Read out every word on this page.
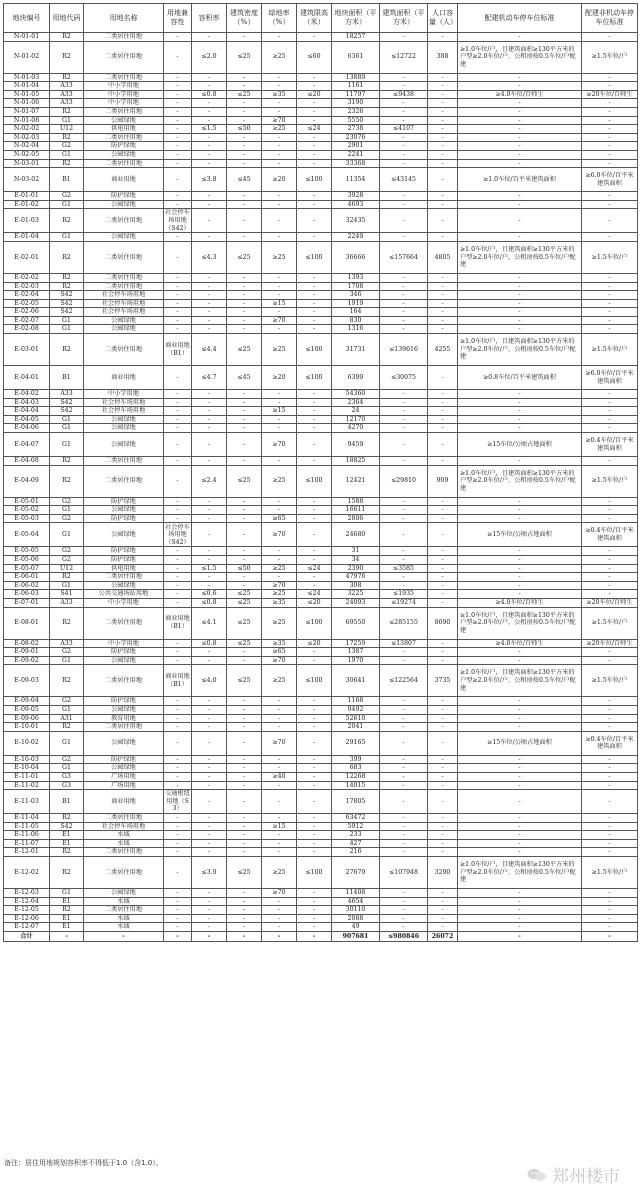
地块编号	用地代码	用地名称	用地兼容性	容积率	建筑密度（%）	绿地率（%）	建筑限高（米）	地块面积（平方米）	建筑面积（平方米）	人口容量（人）	配建机动车停车位标准	配建非机动车停车位标准
N-01-01	R2	二类居住用地	-	-	-	-	-	18257	-	-	-	-
N-01-02	R2	二类居住用地	-	≤2.0	≤25	≥25	≤60	6361	≤12722	388	≥1.0车位/户，且建筑面积≥130平方米的户型≥2.0车位/户，公租房按0.5车位/户配建	≥1.5车位/户
N-01-03	R2	二类居住用地	-	-	-	-	-	13889	-	-	-	-
N-01-04	A33	中小学用地	-	-	-	-	-	1161	-	-	-	-
N-01-05	A33	中小学用地	-	≤0.8	≤25	≥35	≤20	11797	≤9438	-	≥4.0车位/百师生	≥20车位/百师生
N-01-06	A33	中小学用地	-	-	-	-	-	3190	-	-	-	-
N-01-07	R2	二类居住用地	-	-	-	-	-	2326	-	-	-	-
N-01-08	G1	公园绿地	-	-	-	≥70	-	5550	-	-	-	-
N-02-02	U12	供电用地	-	≤1.5	≤50	≥25	≤24	2738	≤4107	-	-	-
N-02-03	R2	二类居住用地	-	-	-	-	-	23076	-	-	-	-
N-02-04	G2	防护绿地	-	-	-	-	-	2901	-	-	-	-
N-02-05	G1	公园绿地	-	-	-	-	-	2241	-	-	-	-
N-03-01	R2	二类居住用地	-	-	-	-	-	33368	-	-	-	-
N-03-02	B1	商业用地	-	≤3.8	≤45	≥20	≤100	11354	≤43145	-	≥1.0车位/百平米建筑面积	≥6.0车位/百平米建筑面积
E-01-01	G2	防护绿地	-	-	-	-	-	3928	-	-	-	-
E-01-02	G1	公园绿地	-	-	-	-	-	4693	-	-	-	-
E-01-03	R2	二类居住用地	社会停车场用地（S42）	-	-	-	-	32435	-	-	-	-
E-01-04	G1	公园绿地	-	-	-	-	-	2249	-	-	-	-
E-02-01	R2	二类居住用地	-	≤4.3	≤25	≥25	≤100	36666	≤157664	4805	≥1.0车位/户，且建筑面积≥130平方米的户型≥2.0车位/户，公租房按0.5车位/户配建	≥1.5车位/户
E-02-02	R2	二类居住用地	-	-	-	-	-	1393	-	-	-	-
E-02-03	R2	二类居住用地	-	-	-	-	-	1708	-	-	-	-
E-02-04	S42	社会停车场用地	-	-	-	-	-	346	-	-	-	-
E-02-05	S42	社会停车场用地	-	-	-	≥15	-	1919	-	-	-	-
E-02-06	S42	社会停车场用地	-	-	-	-	-	164	-	-	-	-
E-02-07	G1	公园绿地	-	-	-	≥70	-	830	-	-	-	-
E-02-08	G1	公园绿地	-	-	-	-	-	1316	-	-	-	-
E-03-01	R2	二类居住用地	商业用地（B1）	≤4.4	≤25	≥25	≤100	31731	≤139616	4255	≥1.0车位/户，且建筑面积≥130平方米的户型≥2.0车位/户，公租房按0.5车位/户配建	≥1.5车位/户
E-04-01	B1	商业用地	-	≤4.7	≤45	≥20	≤100	6399	≤30075	-	≥0.8车位/百平米建筑面积	≥6.0车位/百平米建筑面积
E-04-02	A33	中小学用地	-	-	-	-	-	54360	-	-	-	-
E-04-03	S42	社会停车场用地	-	-	-	-	-	2364	-	-	-	-
E-04-04	S42	社会停车场用地	-	-	-	≥15	-	24	-	-	-	-
E-04-05	G1	公园绿地	-	-	-	-	-	12170	-	-	-	-
E-04-06	G1	公园绿地	-	-	-	-	-	4270	-	-	-	-
E-04-07	G1	公园绿地	-	-	-	≥70	-	9459	-	-	≥15车位/公顷占地面积	≥0.4车位/百平米建筑面积
E-04-08	R2	二类居住用地	-	-	-	-	-	18825	-	-	-	-
E-04-09	R2	二类居住用地	-	≤2.4	≤25	≥25	≤100	12421	≤29810	909	≥1.0车位/户，且建筑面积≥130平方米的户型≥2.0车位/户，公租房按0.5车位/户配建	≥1.5车位/户
E-05-01	G2	防护绿地	-	-	-	-	-	1588	-	-	-	-
E-05-02	G1	公园绿地	-	-	-	-	-	16611	-	-	-	-
E-05-03	G2	防护绿地	-	-	-	≥65	-	2806	-	-	-	-
E-05-04	G1	公园绿地	社会停车场用地（S42）	-	-	≥70	-	24680	-	-	≥15车位/公顷占地面积	≥0.4车位/百平米建筑面积
E-05-05	G2	防护绿地	-	-	-	-	-	31	-	-	-	-
E-05-06	G2	防护绿地	-	-	-	-	-	34	-	-	-	-
E-05-07	U12	供电用地	-	≤1.5	≤50	≥25	≤24	2390	≤3585	-	-	-
E-06-01	R2	二类居住用地	-	-	-	-	-	47976	-	-	-	-
E-06-02	G1	公园绿地	-	-	-	≥70	-	308	-	-	-	-
E-06-03	S41	公共交通场站用地	-	≤0.6	≤25	≥25	≤24	3225	≤1935	-	-	-
E-07-01	A33	中小学用地	-	≤0.8	≤25	≥35	≤20	24093	≤19274	-	≥4.0车位/百师生	≥20车位/百师生
E-08-01	R2	二类居住用地	商业用地（B1）	≤4.1	≤25	≥25	≤100	69550	≤285155	8690	≥1.0车位/户，且建筑面积≥130平方米的户型≥2.0车位/户，公租房按0.5车位/户配建	≥1.5车位/户
E-08-02	A33	中小学用地	-	≤0.8	≤25	≥35	≤20	17259	≤13807	-	≥4.0车位/百师生	≥20车位/百师生
E-09-01	G2	防护绿地	-	-	-	≥65	-	1387	-	-	-	-
E-09-02	G1	公园绿地	-	-	-	≥70	-	1970	-	-	-	-
E-09-03	R2	二类居住用地	商业用地（B1）	≤4.0	≤25	≥25	≤100	30641	≤122564	3735	≥1.0车位/户，且建筑面积≥130平方米的户型≥2.0车位/户，公租房按0.5车位/户配建	≥1.5车位/户
E-09-04	G2	防护绿地	-	-	-	-	-	1168	-	-	-	-
E-09-05	G1	公园绿地	-	-	-	-	-	9492	-	-	-	-
E-09-06	A31	教育用地	-	-	-	-	-	52610	-	-	-	-
E-10-01	R2	二类居住用地	-	-	-	-	-	2041	-	-	-	-
E-10-02	G1	公园绿地	-	-	-	≥70	-	29165	-	-	≥15车位/公顷占地面积	≥0.4车位/百平米建筑面积
E-10-03	G2	防护绿地	-	-	-	-	-	399	-	-	-	-
E-10-04	G1	公园绿地	-	-	-	-	-	683	-	-	-	-
E-11-01	G3	广场用地	-	-	-	≥40	-	12268	-	-	-	-
E-11-02	G3	广场用地	-	-	-	-	-	14015	-	-	-	-
E-11-03	B1	商业用地	交通枢纽用地（S3）	-	-	-	-	17805	-	-	-	-
E-11-04	R2	二类居住用地	-	-	-	-	-	63472	-	-	-	-
E-11-05	S42	社会停车场用地	-	-	-	≥15	-	5912	-	-	-	-
E-11-06	E1	水域	-	-	-	-	-	233	-	-	-	-
E-11-07	E1	水域	-	-	-	-	-	427	-	-	-	-
E-12-01	R2	二类居住用地	-	-	-	-	-	216	-	-	-	-
E-12-02	R2	二类居住用地	-	≤3.9	≤25	≥25	≤100	27679	≤107948	3290	≥1.0车位/户，且建筑面积≥130平方米的户型≥2.0车位/户，公租房按0.5车位/户配建	≥1.5车位/户
E-12-03	G1	公园绿地	-	-	-	≥70	-	11408	-	-	-	-
E-12-04	E1	水域	-	-	-	-	-	4654	-	-	-	-
E-12-05	R2	二类居住用地	-	-	-	-	-	30110	-	-	-	-
E-12-06	E1	水域	-	-	-	-	-	2088	-	-	-	-
E-12-07	E1	水域	-	-	-	-	-	49	-	-	-	-
合计	-	-	-	-	-	-	-	907681	≤980846	26072	-	-
备注：居住用地规划容积率不得低于1.0（含1.0）。
郑州楼市
